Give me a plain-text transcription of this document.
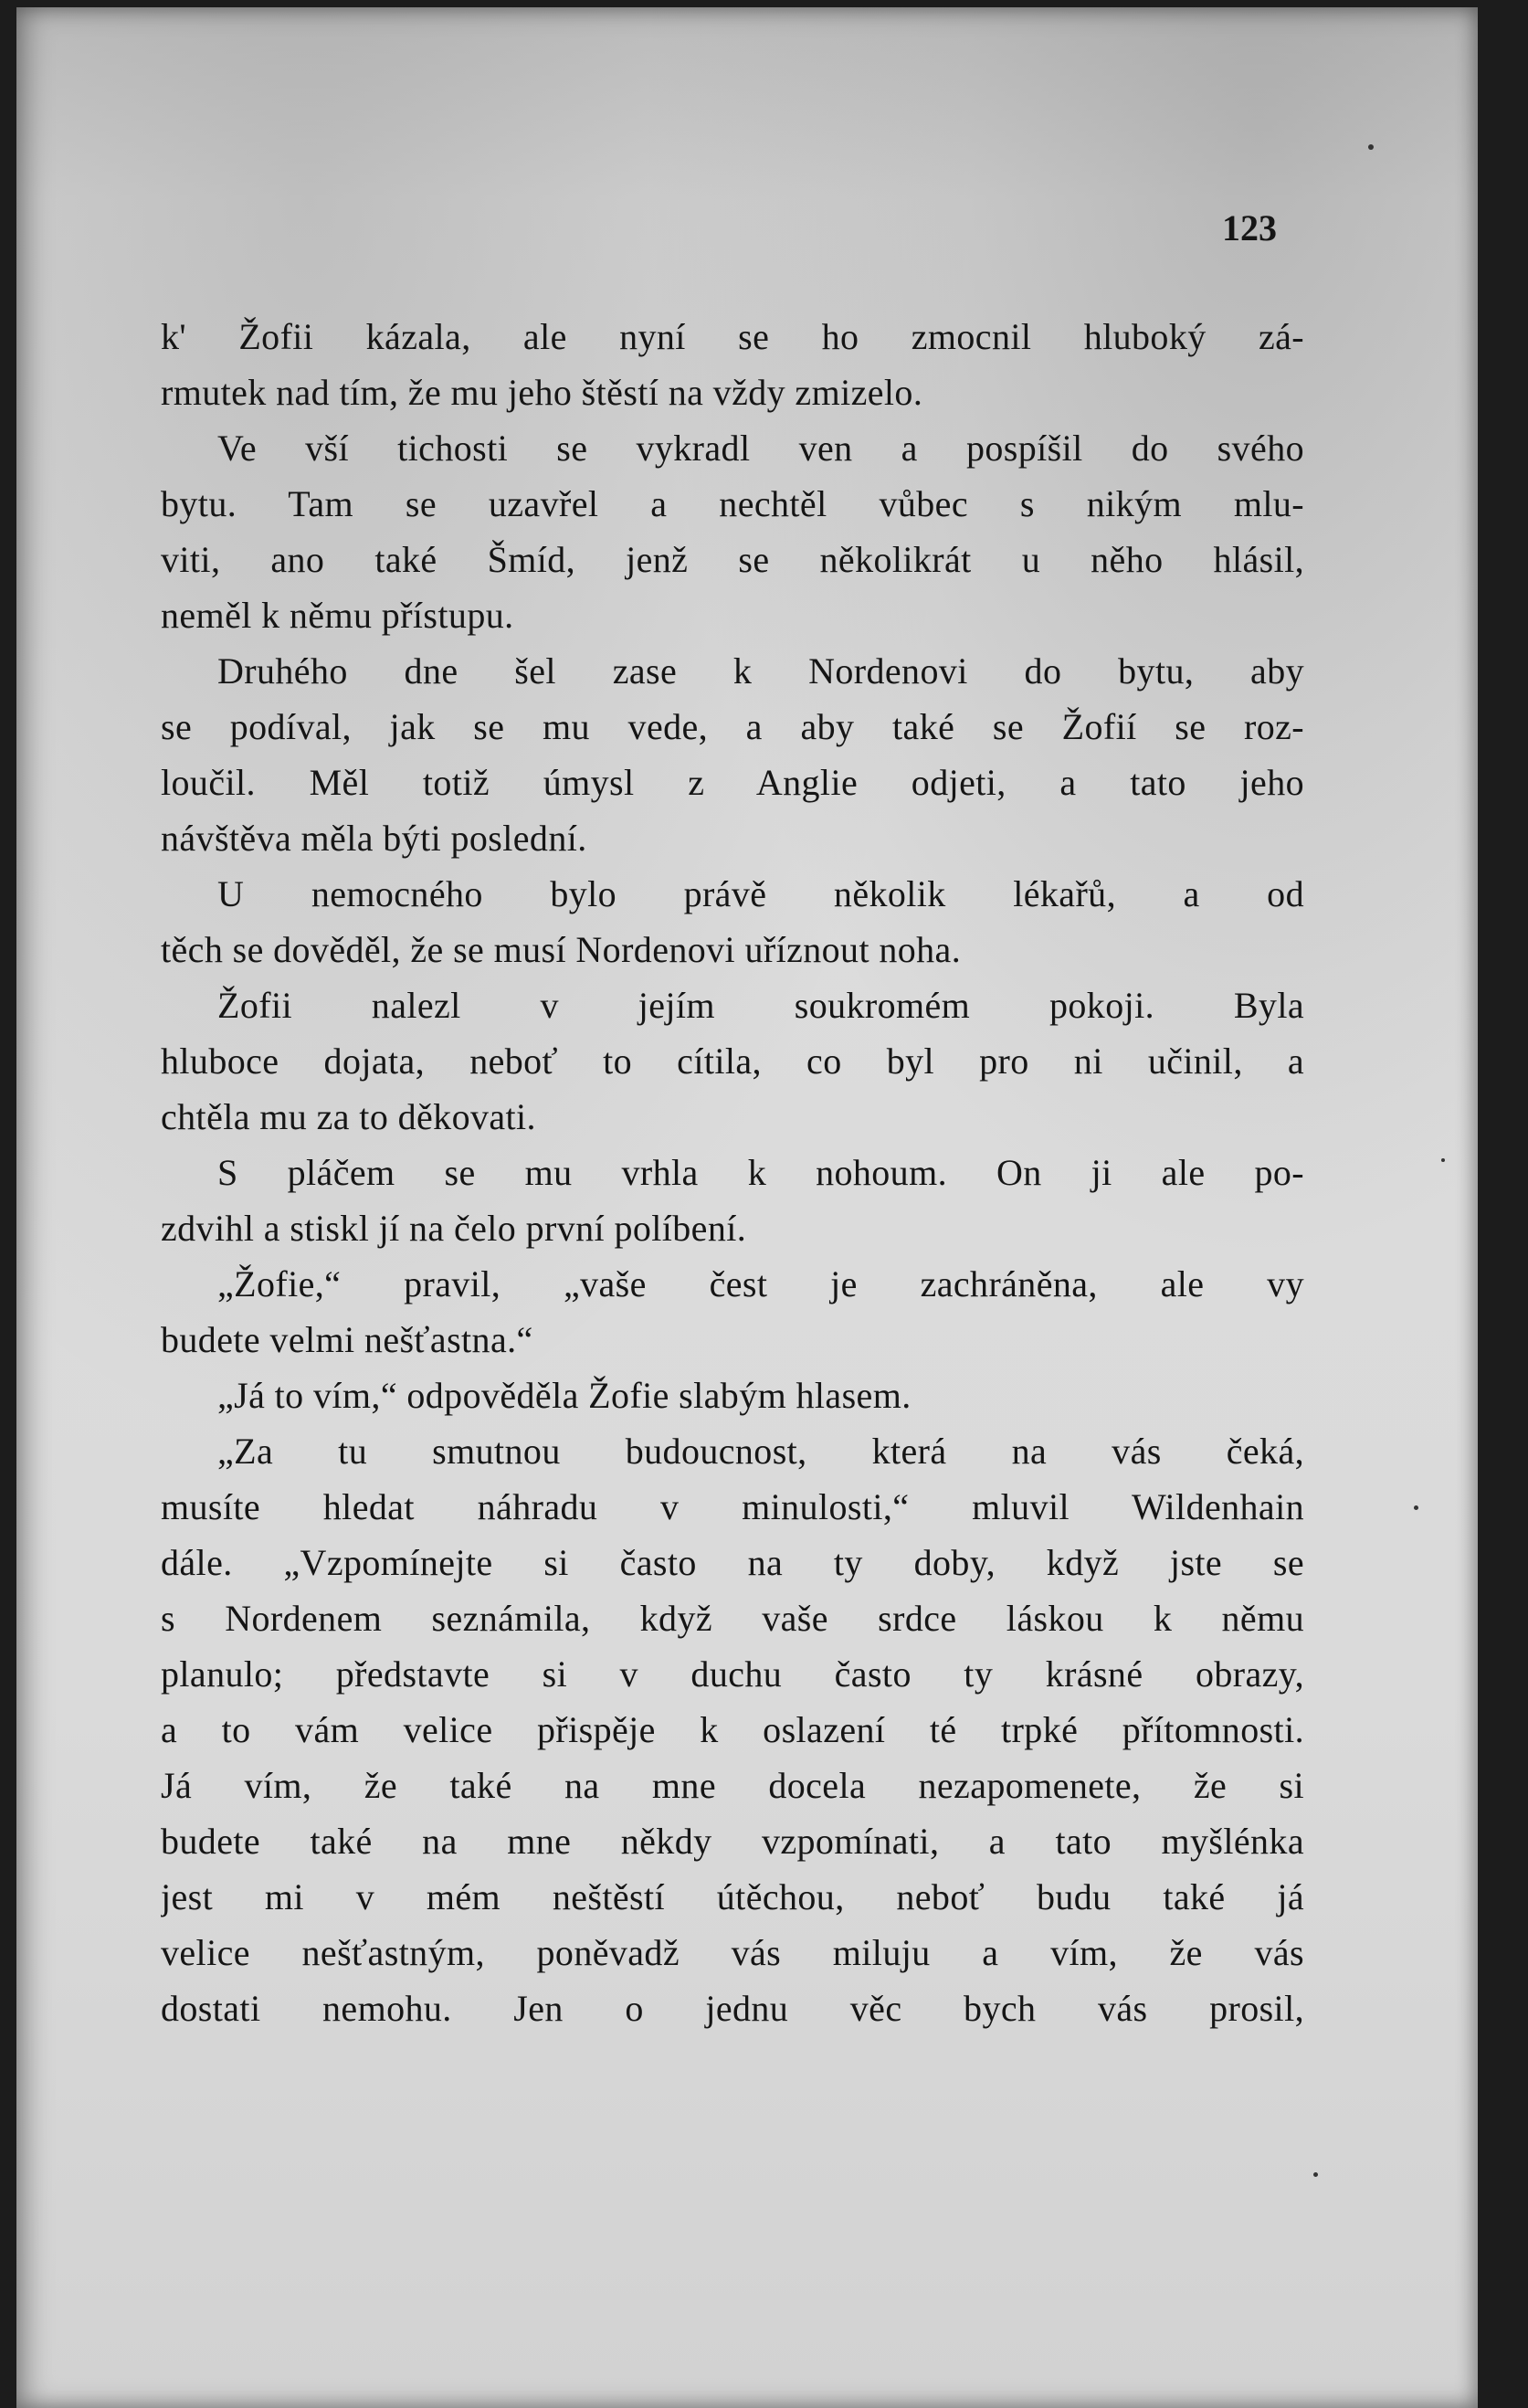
123
k' Žofii kázala, ale nyní se ho zmocnil hluboký zá-
rmutek nad tím, že mu jeho štěstí na vždy zmizelo.
Ve vší tichosti se vykradl ven a pospíšil do svého
bytu. Tam se uzavřel a nechtěl vůbec s nikým mlu-
viti, ano také Šmíd, jenž se několikrát u něho hlásil,
neměl k němu přístupu.
Druhého dne šel zase k Nordenovi do bytu, aby
se podíval, jak se mu vede, a aby také se Žofií se roz-
loučil. Měl totiž úmysl z Anglie odjeti, a tato jeho
návštěva měla býti poslední.
U nemocného bylo právě několik lékařů, a od
těch se dověděl, že se musí Nordenovi uříznout noha.
Žofii nalezl v jejím soukromém pokoji. Byla
hluboce dojata, neboť to cítila, co byl pro ni učinil, a
chtěla mu za to děkovati.
S pláčem se mu vrhla k nohoum. On ji ale po-
zdvihl a stiskl jí na čelo první políbení.
„Žofie,“ pravil, „vaše čest je zachráněna, ale vy
budete velmi nešťastna.“
„Já to vím,“ odpověděla Žofie slabým hlasem.
„Za tu smutnou budoucnost, která na vás čeká,
musíte hledat náhradu v minulosti,“ mluvil Wildenhain
dále. „Vzpomínejte si často na ty doby, když jste se
s Nordenem seznámila, když vaše srdce láskou k němu
planulo; představte si v duchu často ty krásné obrazy,
a to vám velice přispěje k oslazení té trpké přítomnosti.
Já vím, že také na mne docela nezapomenete, že si
budete také na mne někdy vzpomínati, a tato myšlénka
jest mi v mém neštěstí útěchou, neboť budu také já
velice nešťastným, poněvadž vás miluju a vím, že vás
dostati nemohu. Jen o jednu věc bych vás prosil,
